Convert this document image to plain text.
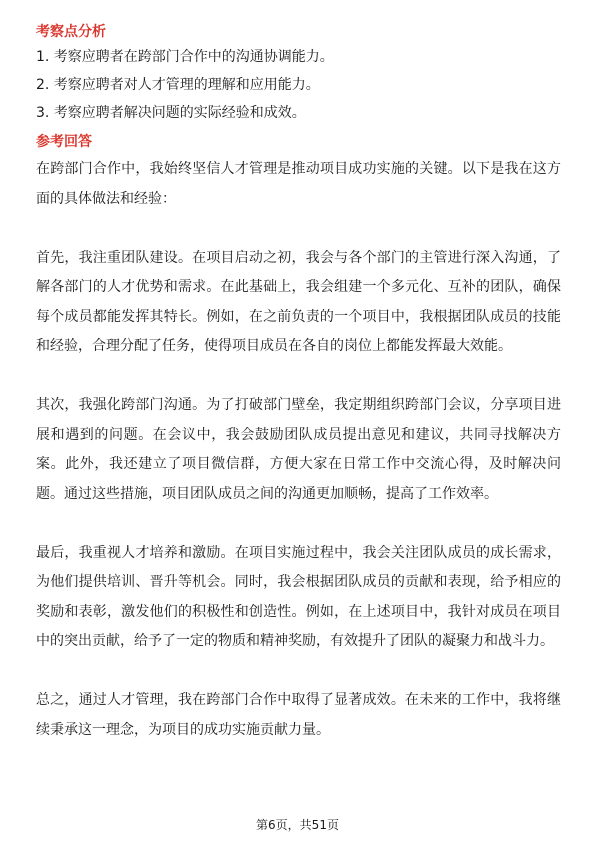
考察点分析
1. 考察应聘者在跨部门合作中的沟通协调能力。
2. 考察应聘者对人才管理的理解和应用能力。
3. 考察应聘者解决问题的实际经验和成效。
参考回答

在跨部门合作中，我始终坚信人才管理是推动项目成功实施的关键。以下是我在这方面的具体做法和经验：

首先，我注重团队建设。在项目启动之初，我会与各个部门的主管进行深入沟通，了解各部门的人才优势和需求。在此基础上，我会组建一个多元化、互补的团队，确保每个成员都能发挥其特长。例如，在之前负责的一个项目中，我根据团队成员的技能和经验，合理分配了任务，使得项目成员在各自的岗位上都能发挥最大效能。

其次，我强化跨部门沟通。为了打破部门壁垒，我定期组织跨部门会议，分享项目进展和遇到的问题。在会议中，我会鼓励团队成员提出意见和建议，共同寻找解决方案。此外，我还建立了项目微信群，方便大家在日常工作中交流心得，及时解决问题。通过这些措施，项目团队成员之间的沟通更加顺畅，提高了工作效率。

最后，我重视人才培养和激励。在项目实施过程中，我会关注团队成员的成长需求，为他们提供培训、晋升等机会。同时，我会根据团队成员的贡献和表现，给予相应的奖励和表彰，激发他们的积极性和创造性。例如，在上述项目中，我针对成员在项目中的突出贡献，给予了一定的物质和精神奖励，有效提升了团队的凝聚力和战斗力。

总之，通过人才管理，我在跨部门合作中取得了显著成效。在未来的工作中，我将继续秉承这一理念，为项目的成功实施贡献力量。

第6页，共51页
